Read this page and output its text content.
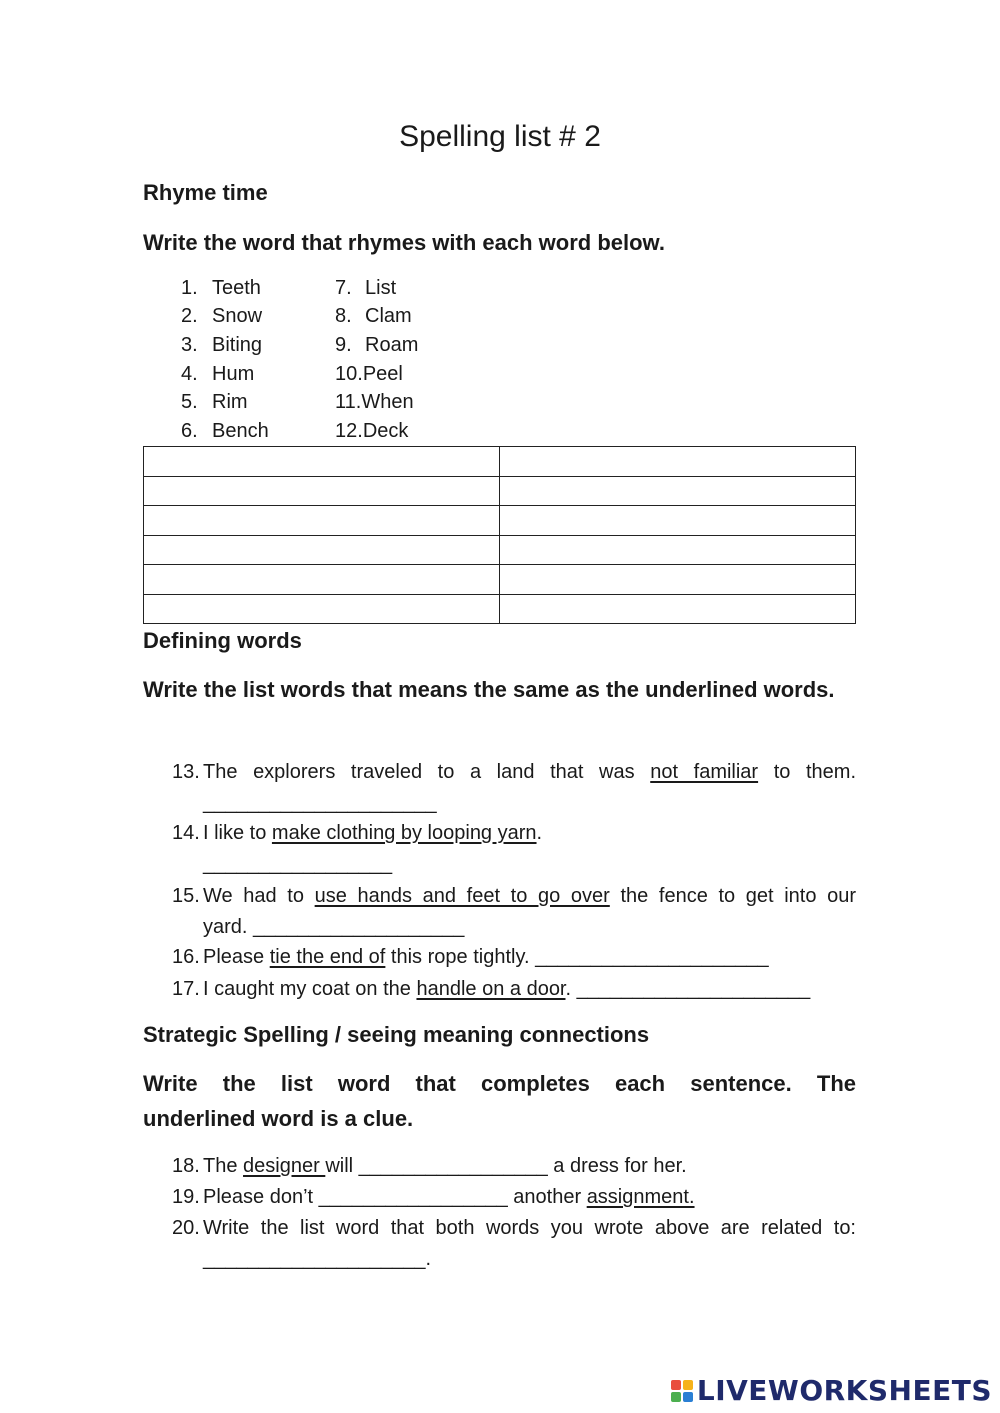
Spelling list # 2
Rhyme time
Write the word that rhymes with each word below.
1. Teeth
2. Snow
3. Biting
4. Hum
5. Rim
6. Bench
7. List
8. Clam
9. Roam
10.Peel
11.When
12.Deck

Defining words
Write the list words that means the same as the underlined words.
13. The explorers traveled to a land that was not familiar to them.
_____________________
14. I like to make clothing by looping yarn.
_________________
15. We had to use hands and feet to go over the fence to get into our
yard. ___________________
16. Please tie the end of this rope tightly. _____________________
17. I caught my coat on the handle on a door. _____________________
Strategic Spelling / seeing meaning connections
Write the list word that completes each sentence. The
underlined word is a clue.
18. The designer will _________________ a dress for her.
19. Please don’t _________________ another assignment.
20. Write the list word that both words you wrote above are related to:
____________________.
LIVEWORKSHEETS
